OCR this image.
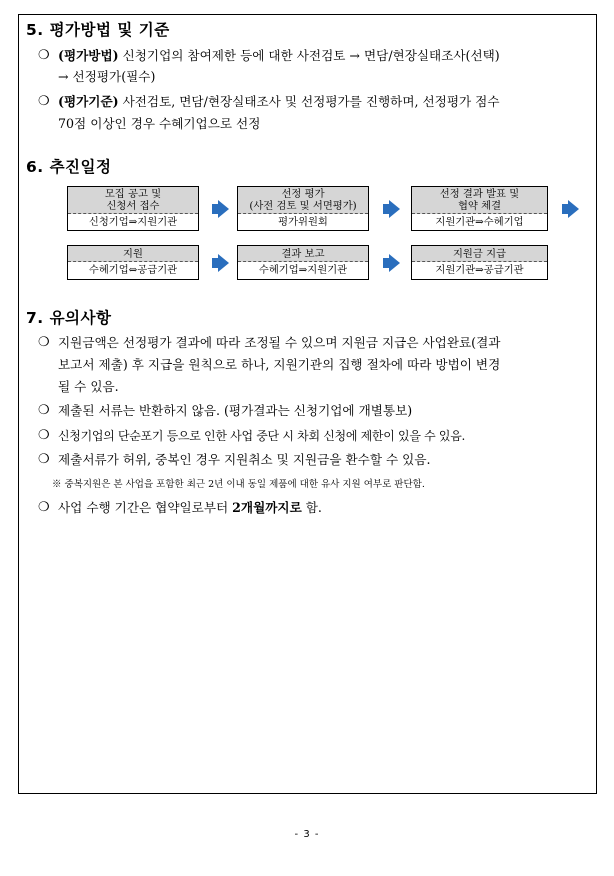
5. 평가방법 및 기준
❍ (평가방법) 신청기업의 참여제한 등에 대한 사전검토 → 면담/현장실태조사(선택)
→ 선정평가(필수)
❍ (평가기준) 사전검토, 면담/현장실태조사 및 선정평가를 진행하며, 선정평가 점수
70점 이상인 경우 수혜기업으로 선정
6. 추진일정
모집 공고 및
신청서 접수
신청기업⇒지원기관
선정 평가
(사전 검토 및 서면평가)
평가위원회
선정 결과 발표 및
협약 체결
지원기관⇒수혜기업
지원
수혜기업⇔공급기관
결과 보고
수혜기업⇒지원기관
지원금 지급
지원기관⇒공급기관
7. 유의사항
❍ 지원금액은 선정평가 결과에 따라 조정될 수 있으며 지원금 지급은 사업완료(결과
보고서 제출) 후 지급을 원칙으로 하나, 지원기관의 집행 절차에 따라 방법이 변경
될 수 있음.
❍ 제출된 서류는 반환하지 않음. (평가결과는 신청기업에 개별통보)
❍ 신청기업의 단순포기 등으로 인한 사업 중단 시 차회 신청에 제한이 있을 수 있음.
❍ 제출서류가 허위, 중복인 경우 지원취소 및 지원금을 환수할 수 있음.
※ 중복지원은 본 사업을 포함한 최근 2년 이내 동일 제품에 대한 유사 지원 여부로 판단함.
❍ 사업 수행 기간은 협약일로부터 2개월까지로 함.
- 3 -
